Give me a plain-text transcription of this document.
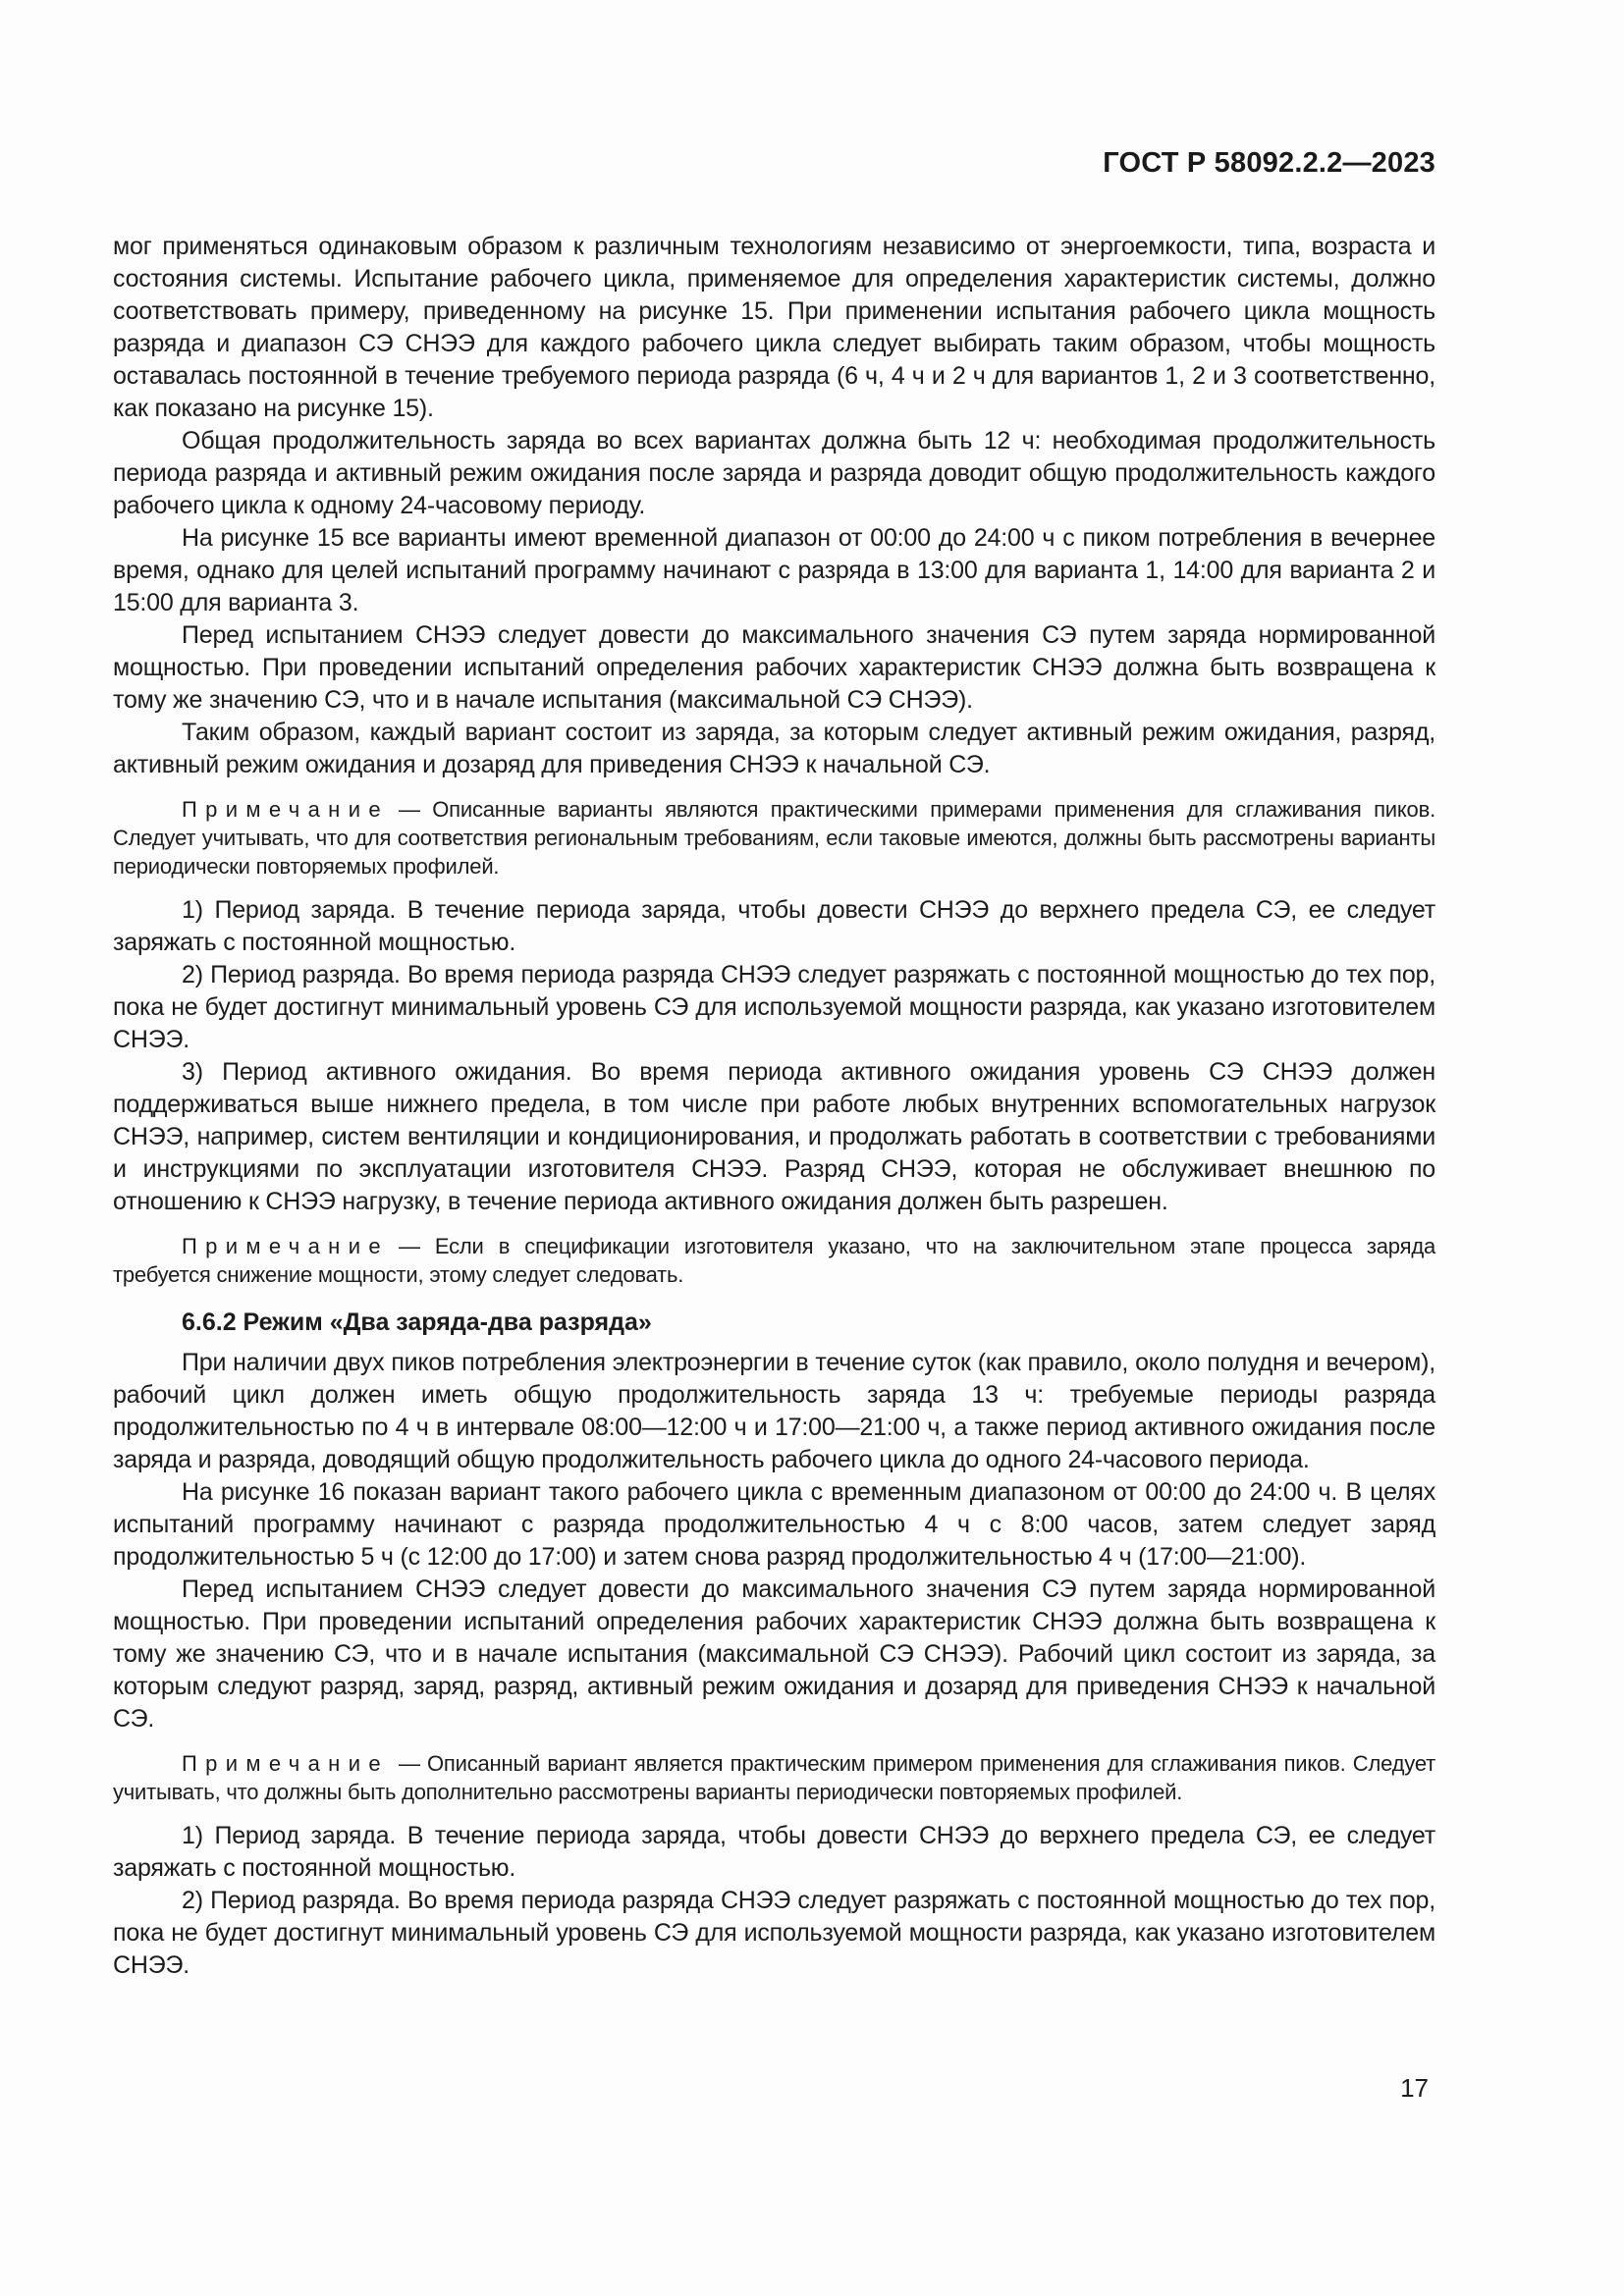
ГОСТ Р 58092.2.2—2023

мог применяться одинаковым образом к различным технологиям независимо от энергоемкости, типа, возраста и состояния системы. Испытание рабочего цикла, применяемое для определения характеристик системы, должно соответствовать примеру, приведенному на рисунке 15. При применении испытания рабочего цикла мощность разряда и диапазон СЭ СНЭЭ для каждого рабочего цикла следует выбирать таким образом, чтобы мощность оставалась постоянной в течение требуемого периода разряда (6 ч, 4 ч и 2 ч для вариантов 1, 2 и 3 соответственно, как показано на рисунке 15).

Общая продолжительность заряда во всех вариантах должна быть 12 ч: необходимая продолжительность периода разряда и активный режим ожидания после заряда и разряда доводит общую продолжительность каждого рабочего цикла к одному 24-часовому периоду.

На рисунке 15 все варианты имеют временной диапазон от 00:00 до 24:00 ч с пиком потребления в вечернее время, однако для целей испытаний программу начинают с разряда в 13:00 для варианта 1, 14:00 для варианта 2 и 15:00 для варианта 3.

Перед испытанием СНЭЭ следует довести до максимального значения СЭ путем заряда нормированной мощностью. При проведении испытаний определения рабочих характеристик СНЭЭ должна быть возвращена к тому же значению СЭ, что и в начале испытания (максимальной СЭ СНЭЭ).

Таким образом, каждый вариант состоит из заряда, за которым следует активный режим ожидания, разряд, активный режим ожидания и дозаряд для приведения СНЭЭ к начальной СЭ.

Примечание — Описанные варианты являются практическими примерами применения для сглаживания пиков. Следует учитывать, что для соответствия региональным требованиям, если таковые имеются, должны быть рассмотрены варианты периодически повторяемых профилей.

1) Период заряда. В течение периода заряда, чтобы довести СНЭЭ до верхнего предела СЭ, ее следует заряжать с постоянной мощностью.

2) Период разряда. Во время периода разряда СНЭЭ следует разряжать с постоянной мощностью до тех пор, пока не будет достигнут минимальный уровень СЭ для используемой мощности разряда, как указано изготовителем СНЭЭ.

3) Период активного ожидания. Во время периода активного ожидания уровень СЭ СНЭЭ должен поддерживаться выше нижнего предела, в том числе при работе любых внутренних вспомогательных нагрузок СНЭЭ, например, систем вентиляции и кондиционирования, и продолжать работать в соответствии с требованиями и инструкциями по эксплуатации изготовителя СНЭЭ. Разряд СНЭЭ, которая не обслуживает внешнюю по отношению к СНЭЭ нагрузку, в течение периода активного ожидания должен быть разрешен.

Примечание — Если в спецификации изготовителя указано, что на заключительном этапе процесса заряда требуется снижение мощности, этому следует следовать.

6.6.2 Режим «Два заряда-два разряда»

При наличии двух пиков потребления электроэнергии в течение суток (как правило, около полудня и вечером), рабочий цикл должен иметь общую продолжительность заряда 13 ч: требуемые периоды разряда продолжительностью по 4 ч в интервале 08:00—12:00 ч и 17:00—21:00 ч, а также период активного ожидания после заряда и разряда, доводящий общую продолжительность рабочего цикла до одного 24-часового периода.

На рисунке 16 показан вариант такого рабочего цикла с временным диапазоном от 00:00 до 24:00 ч. В целях испытаний программу начинают с разряда продолжительностью 4 ч с 8:00 часов, затем следует заряд продолжительностью 5 ч (с 12:00 до 17:00) и затем снова разряд продолжительностью 4 ч (17:00—21:00).

Перед испытанием СНЭЭ следует довести до максимального значения СЭ путем заряда нормированной мощностью. При проведении испытаний определения рабочих характеристик СНЭЭ должна быть возвращена к тому же значению СЭ, что и в начале испытания (максимальной СЭ СНЭЭ). Рабочий цикл состоит из заряда, за которым следуют разряд, заряд, разряд, активный режим ожидания и дозаряд для приведения СНЭЭ к начальной СЭ.

Примечание — Описанный вариант является практическим примером применения для сглаживания пиков. Следует учитывать, что должны быть дополнительно рассмотрены варианты периодически повторяемых профилей.

1) Период заряда. В течение периода заряда, чтобы довести СНЭЭ до верхнего предела СЭ, ее следует заряжать с постоянной мощностью.

2) Период разряда. Во время периода разряда СНЭЭ следует разряжать с постоянной мощностью до тех пор, пока не будет достигнут минимальный уровень СЭ для используемой мощности разряда, как указано изготовителем СНЭЭ.

17
